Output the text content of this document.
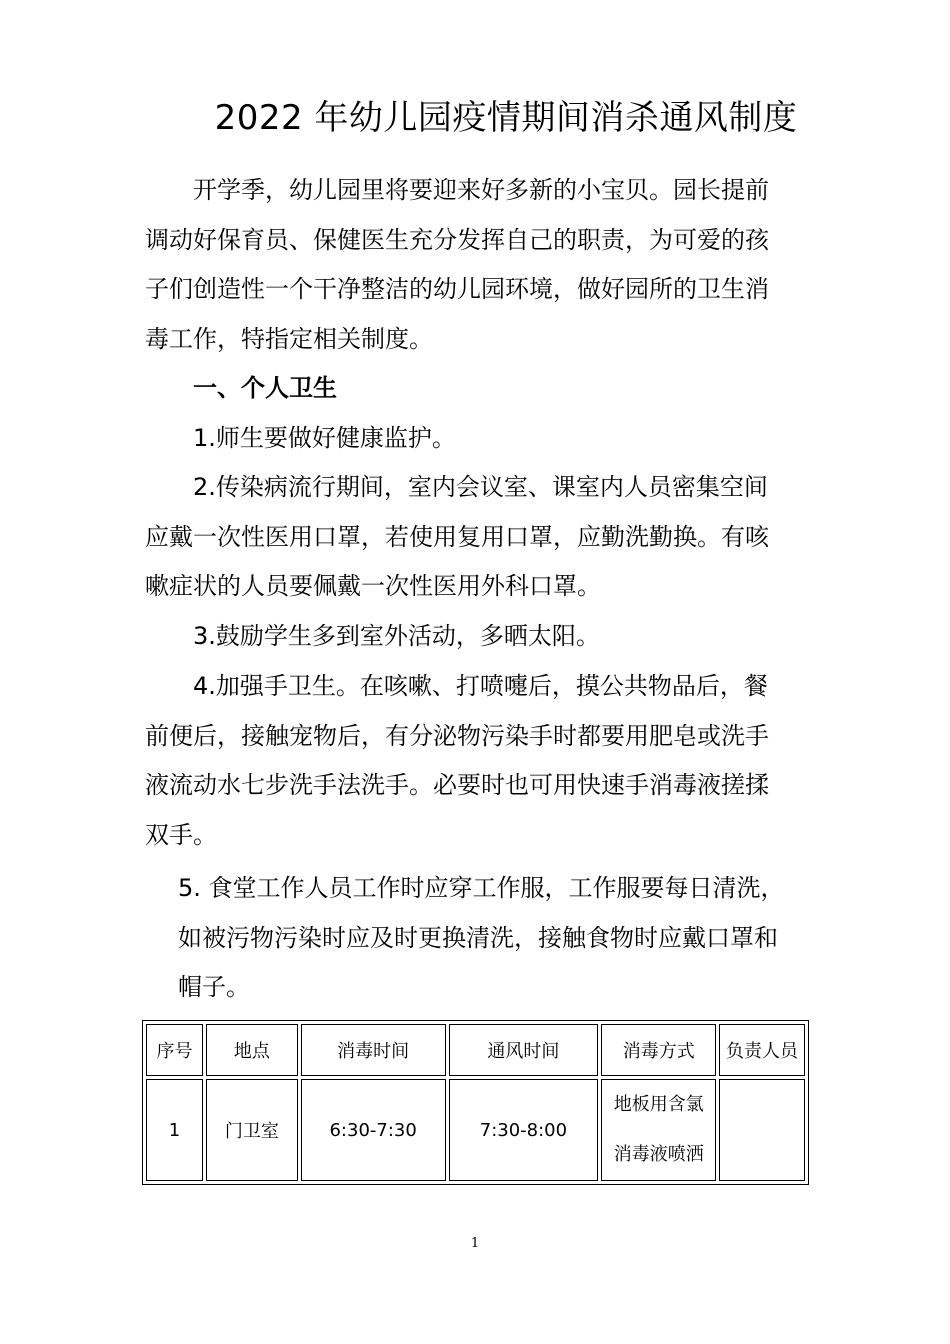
2022 年幼儿园疫情期间消杀通风制度
开学季，幼儿园里将要迎来好多新的小宝贝。园长提前
调动好保育员、保健医生充分发挥自己的职责，为可爱的孩
子们创造性一个干净整洁的幼儿园环境，做好园所的卫生消
毒工作，特指定相关制度。
一、个人卫生
1.师生要做好健康监护。
2.传染病流行期间，室内会议室、课室内人员密集空间
应戴一次性医用口罩，若使用复用口罩，应勤洗勤换。有咳
嗽症状的人员要佩戴一次性医用外科口罩。
3.鼓励学生多到室外活动，多晒太阳。
4.加强手卫生。在咳嗽、打喷嚏后，摸公共物品后，餐
前便后，接触宠物后，有分泌物污染手时都要用肥皂或洗手
液流动水七步洗手法洗手。必要时也可用快速手消毒液搓揉
双手。
5. 食堂工作人员工作时应穿工作服，工作服要每日清洗，
如被污物污染时应及时更换清洗，接触食物时应戴口罩和
帽子。
序号	地点	消毒时间	通风时间	消毒方式	负责人员
1	门卫室	6:30-7:30	7:30-8:00	地板用含氯
消毒液喷洒	

1
